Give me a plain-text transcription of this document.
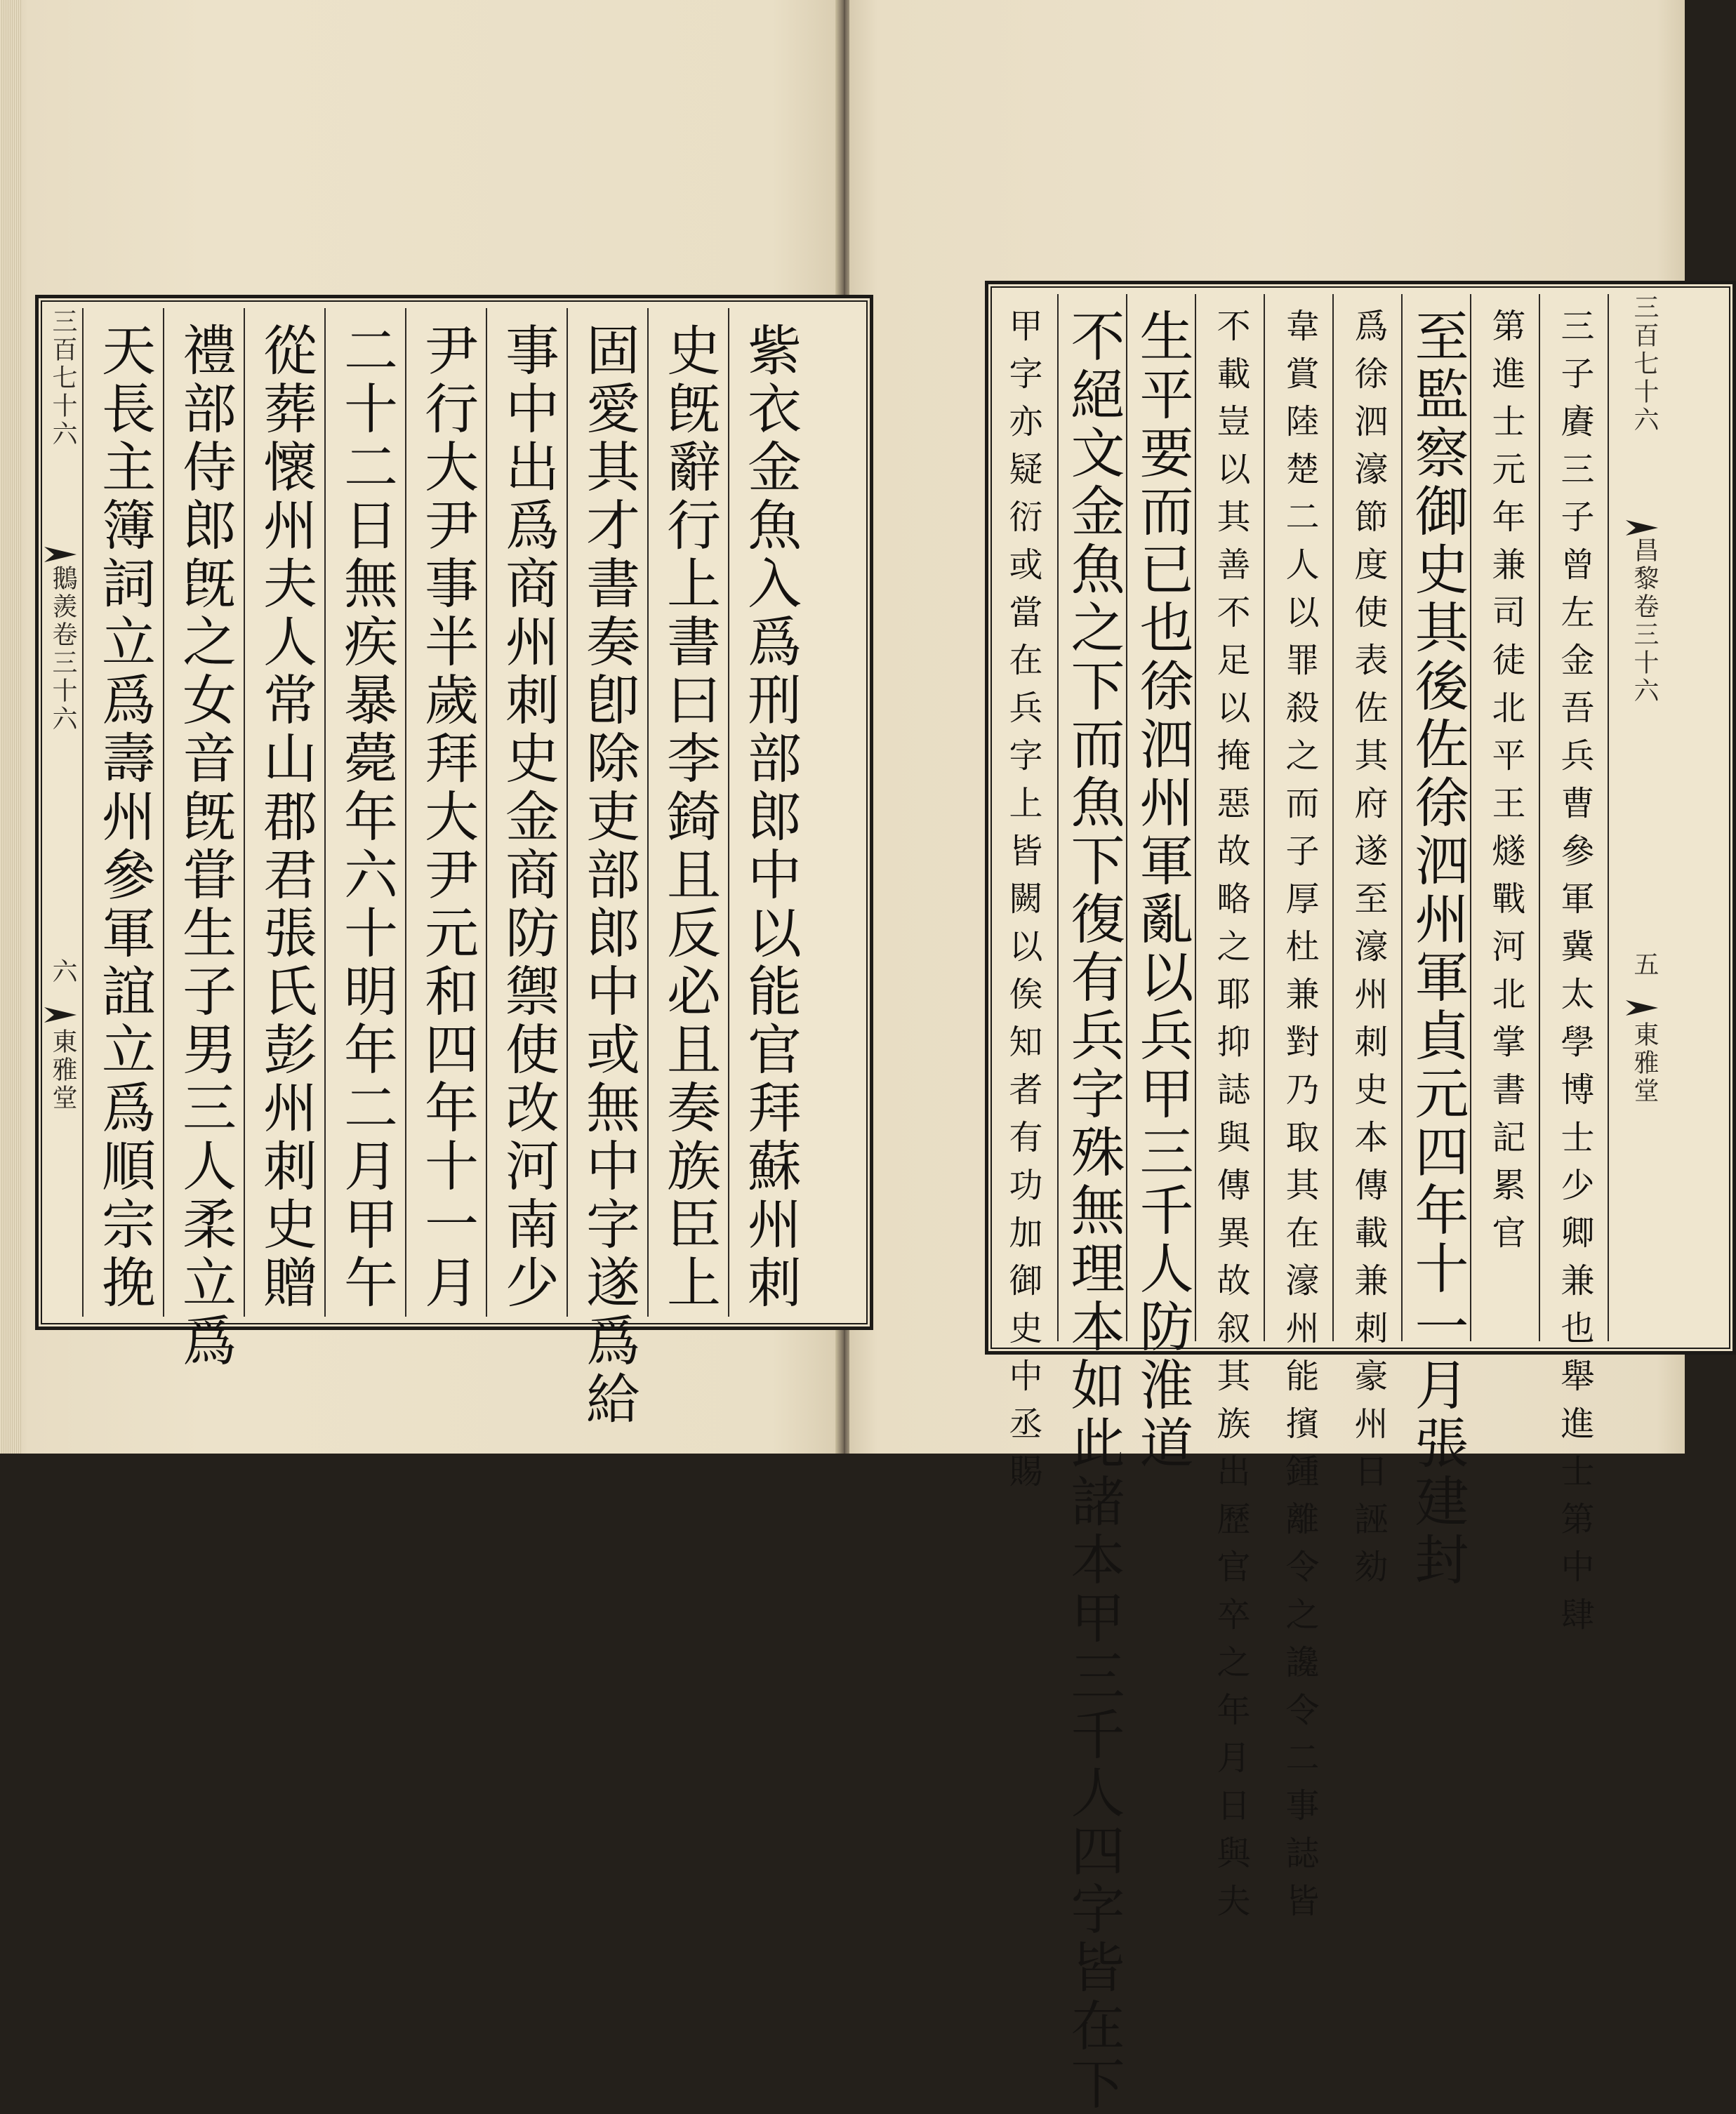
三百七十六
鵝羨卷三十六
六
東雅堂 天長主簿詞立爲壽州參軍誼立爲順宗挽 禮部侍郎旣之女音旣甞生子男三人柔立爲 從葬懷州夫人常山郡君張氏彭州刺史贈 二十二日無疾暴薨年六十明年二月甲午 尹行大尹事半歲拜大尹元和四年十一月 事中出爲商州刺史金商防禦使改河南少 固愛其才書奏卽除吏部郎中或無中字遂爲給 史旣辭行上書曰李錡且反必且奏族臣上 紫衣金魚入爲刑部郎中以能官拜蘇州刺	甲字亦疑衍或當在兵字上皆闕以俟知者有功加御史中丞賜 不絕文金魚之下而魚下復有兵字殊無理本如此諸本甲三千人四字皆在下 生平要而已也徐泗州軍亂以兵甲三千人防淮道 不載豈以其善不足以掩惡故略之耶抑誌與傳異故叙其族出歷官卒之年月日與夫 韋賞陸楚二人以罪殺之而子厚杜兼對乃取其在濠州能擯鍾離令之讒令二事誌皆 爲徐泗濠節度使表佐其府遂至濠州刺史本傳載兼刺豪州日誣劾 至監察御史其後佐徐泗州軍貞元四年十一月張建封 第進士元年兼司徒北平王燧戰河北掌書記累官 三子賡三子曾左金吾兵曹參軍冀太學博士少卿兼也舉進士第中肆	三百七十六
昌黎卷三十六
五
東雅堂
